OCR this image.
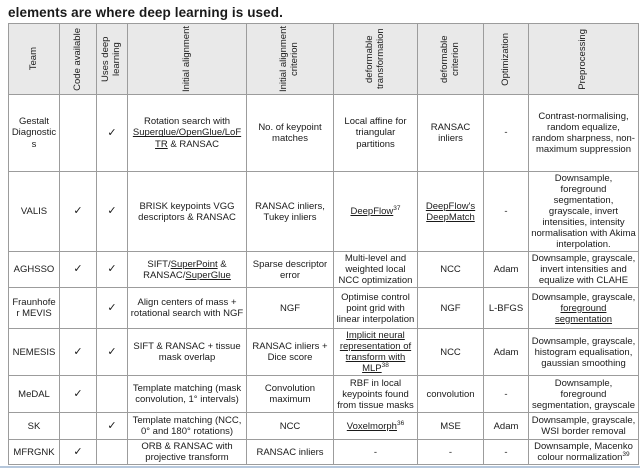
elements are where deep learning is used.
Team	Code available	Uses deep learning	Initial alignment	Initial alignment criterion	deformable transformation	deformable criterion	Optimization	Preprocessing

Gestalt Diagnostics		✓	Rotation search with Superglue/OpenGlue/LoFTR & RANSAC	No. of keypoint matches	Local affine for triangular partitions	RANSAC inliers	-	Contrast-normalising, random equalize, random sharpness, non-maximum suppression
VALIS	✓	✓	BRISK keypoints VGG descriptors & RANSAC	RANSAC inliers, Tukey inliers	DeepFlow$^{37}$	DeepFlow's DeepMatch	-	Downsample, foreground segmentation, grayscale, invert intensities, intensity normalisation with Akima interpolation.
AGHSSO	✓	✓	SIFT/SuperPoint & RANSAC/SuperGlue	Sparse descriptor error	Multi-level and weighted local NCC optimization	NCC	Adam	Downsample, grayscale, invert intensities and equalize with CLAHE
Fraunhofer MEVIS		✓	Align centers of mass + rotational search with NGF	NGF	Optimise control point grid with linear interpolation	NGF	L-BFGS	Downsample, grayscale, foreground segmentation
NEMESIS	✓	✓	SIFT & RANSAC + tissue mask overlap	RANSAC inliers + Dice score	Implicit neural representation of transform with MLP$^{38}$	NCC	Adam	Downsample, grayscale, histogram equalisation, gaussian smoothing
MeDAL	✓		Template matching (mask convolution, 1° intervals)	Convolution maximum	RBF in local keypoints found from tissue masks	convolution	-	Downsample, foreground segmentation, grayscale
SK		✓	Template matching (NCC, 0° and 180° rotations)	NCC	Voxelmorph$^{36}$	MSE	Adam	Downsample, grayscale, WSI border removal
MFRGNK	✓		ORB & RANSAC with projective transform	RANSAC inliers	-	-	-	Downsample, Macenko colour normalization$^{39}$
